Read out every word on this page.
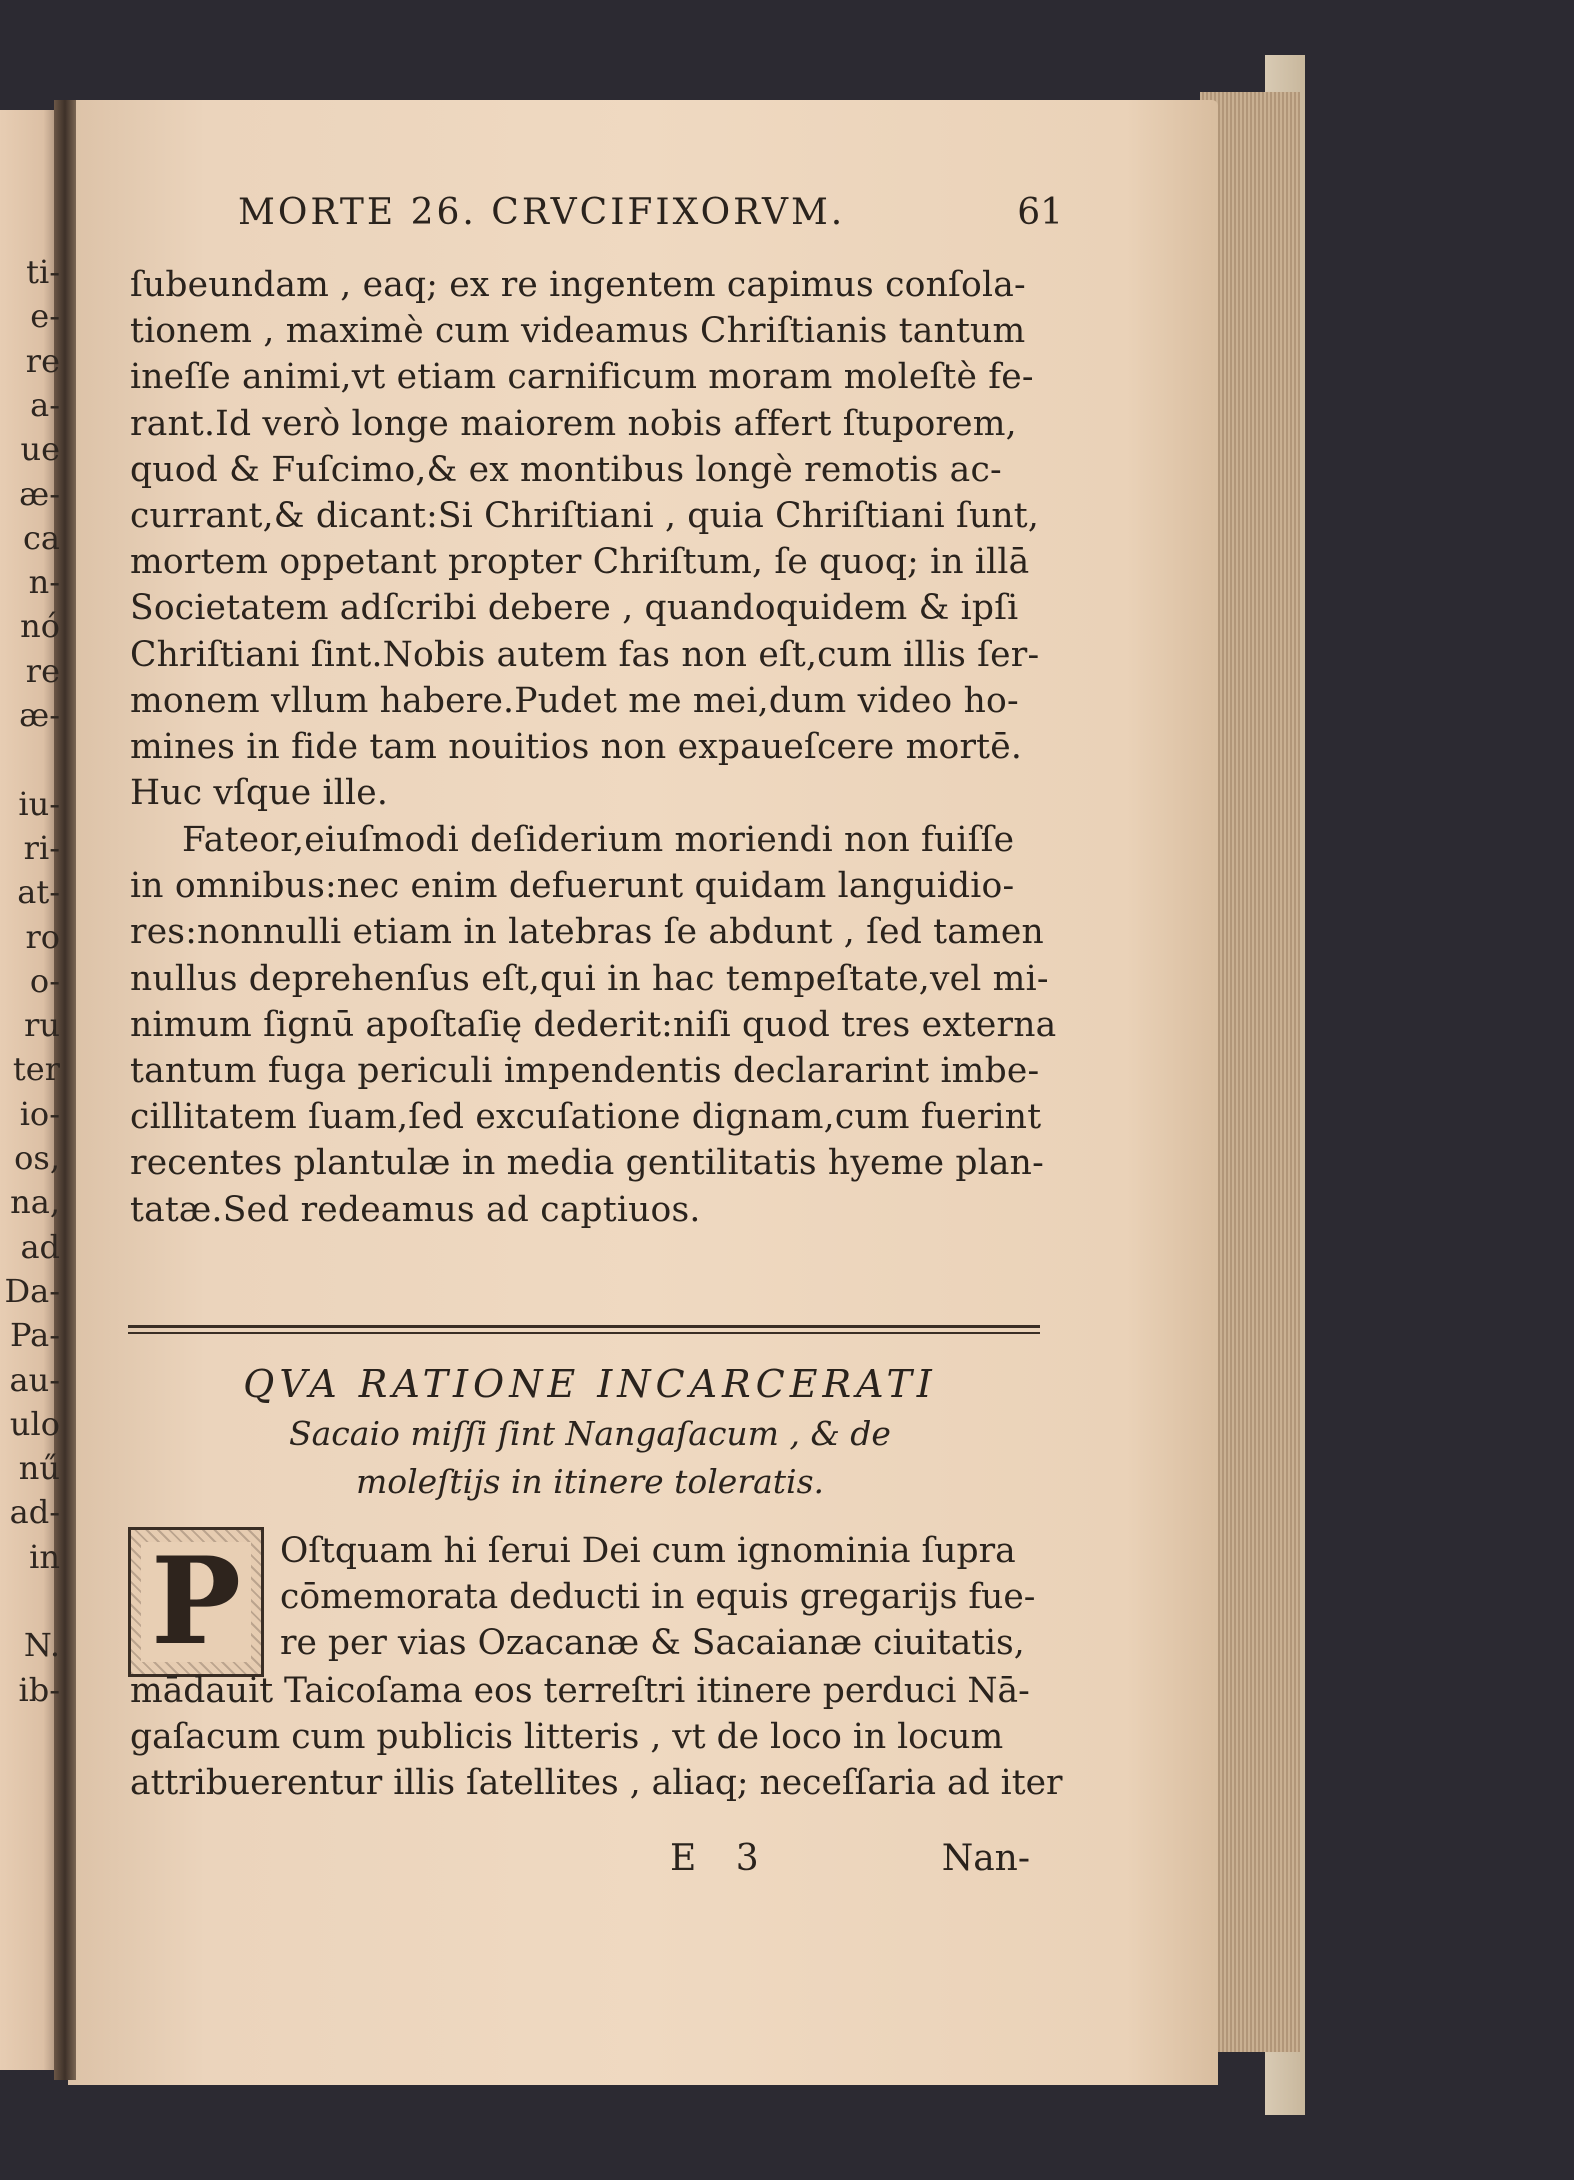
ti-
e-
re
a-
ue
æ-
ca
n-
nó
re
æ-
iu-
ri-
at-
ro
o-
ru
ter
io-
os,
na,
ad
Da-
Pa-
au-
ulo
nű
ad-
in
N.
ib-
MORTE 26. CRVCIFIXORVM.	61
ſubeundam , eaq; ex re ingentem capimus conſola-
tionem , maximè cum videamus Chriſtianis tantum
ineſſe animi,vt etiam carnificum moram moleſtè fe-
rant.Id verò longe maiorem nobis affert ſtuporem,
quod & Fuſcimo,& ex montibus longè remotis ac-
currant,& dicant:Si Chriſtiani , quia Chriſtiani ſunt,
mortem oppetant propter Chriſtum, ſe quoq; in illā
Societatem adſcribi debere , quandoquidem & ipſi
Chriſtiani ſint.Nobis autem fas non eſt,cum illis ſer-
monem vllum habere.Pudet me mei,dum video ho-
mines in fide tam nouitios non expaueſcere mortē.
Huc vſque ille.
Fateor,eiuſmodi deſiderium moriendi non fuiſſe
in omnibus:nec enim defuerunt quidam languidio-
res:nonnulli etiam in latebras ſe abdunt , ſed tamen
nullus deprehenſus eſt,qui in hac tempeſtate,vel mi-
nimum ſignū apoſtaſię dederit:niſi quod tres externa
tantum fuga periculi impendentis declararint imbe-
cillitatem ſuam,ſed excuſatione dignam,cum fuerint
recentes plantulæ in media gentilitatis hyeme plan-
tatæ.Sed redeamus ad captiuos.
QVA RATIONE INCARCERATI
Sacaio miſſi ſint Nangaſacum , & de
moleſtijs in itinere toleratis.
P Oſtquam hi ſerui Dei cum ignominia ſupra
cōmemorata deducti in equis gregarijs fue-
re per vias Ozacanæ & Sacaianæ ciuitatis,
mādauit Taicoſama eos terreſtri itinere perduci Nā-
gaſacum cum publicis litteris , vt de loco in locum
attribuerentur illis ſatellites , aliaq; neceſſaria ad iter
E 3	Nan-
